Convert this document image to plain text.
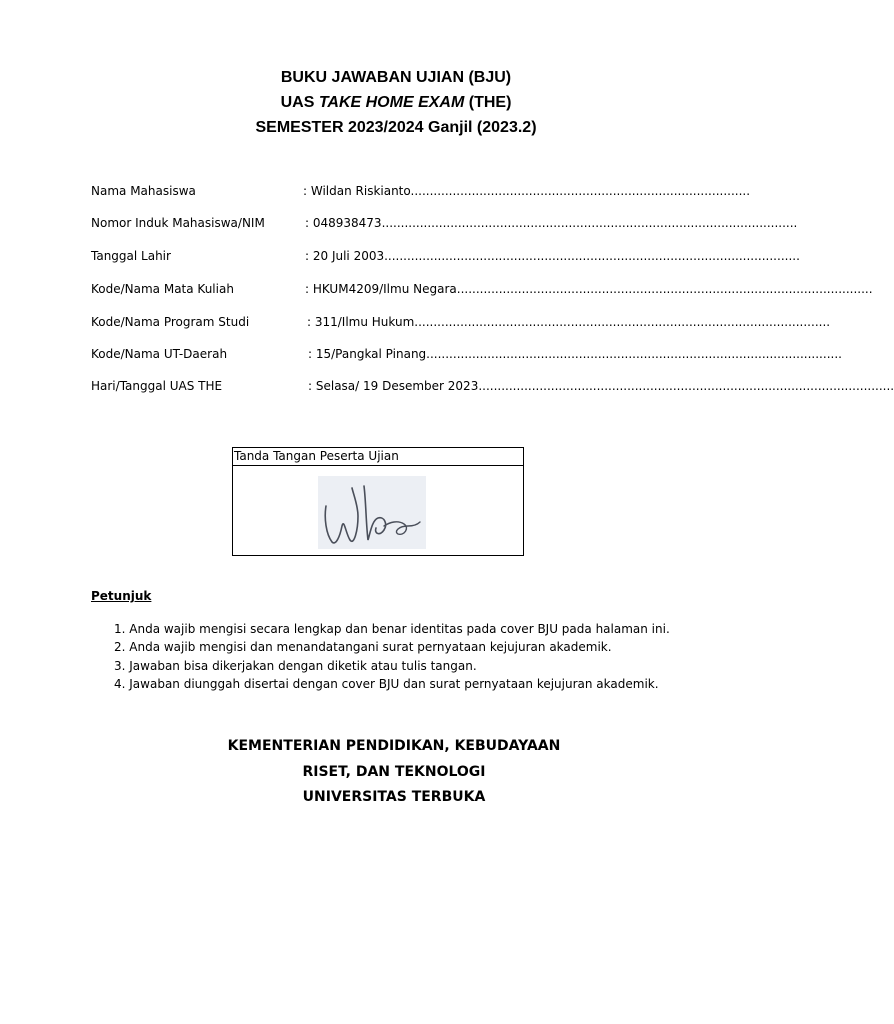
BUKU JAWABAN UJIAN (BJU)
UAS TAKE HOME EXAM (THE)
SEMESTER 2023/2024 Ganjil (2023.2)
Nama Mahasiswa	: Wildan Riskianto.........................................................................................
Nomor Induk Mahasiswa/NIM	: 048938473.............................................................................................................
Tanggal Lahir	: 20 Juli 2003.............................................................................................................
Kode/Nama Mata Kuliah	: HKUM4209/Ilmu Negara.............................................................................................................
Kode/Nama Program Studi	: 311/Ilmu Hukum.............................................................................................................
Kode/Nama UT-Daerah	: 15/Pangkal Pinang.............................................................................................................
Hari/Tanggal UAS THE	: Selasa/ 19 Desember 2023.............................................................................................................
Tanda Tangan Peserta Ujian
Petunjuk
1. Anda wajib mengisi secara lengkap dan benar identitas pada cover BJU pada halaman ini.
2. Anda wajib mengisi dan menandatangani surat pernyataan kejujuran akademik.
3. Jawaban bisa dikerjakan dengan diketik atau tulis tangan.
4. Jawaban diunggah disertai dengan cover BJU dan surat pernyataan kejujuran akademik.
KEMENTERIAN PENDIDIKAN, KEBUDAYAAN
RISET, DAN TEKNOLOGI
UNIVERSITAS TERBUKA
